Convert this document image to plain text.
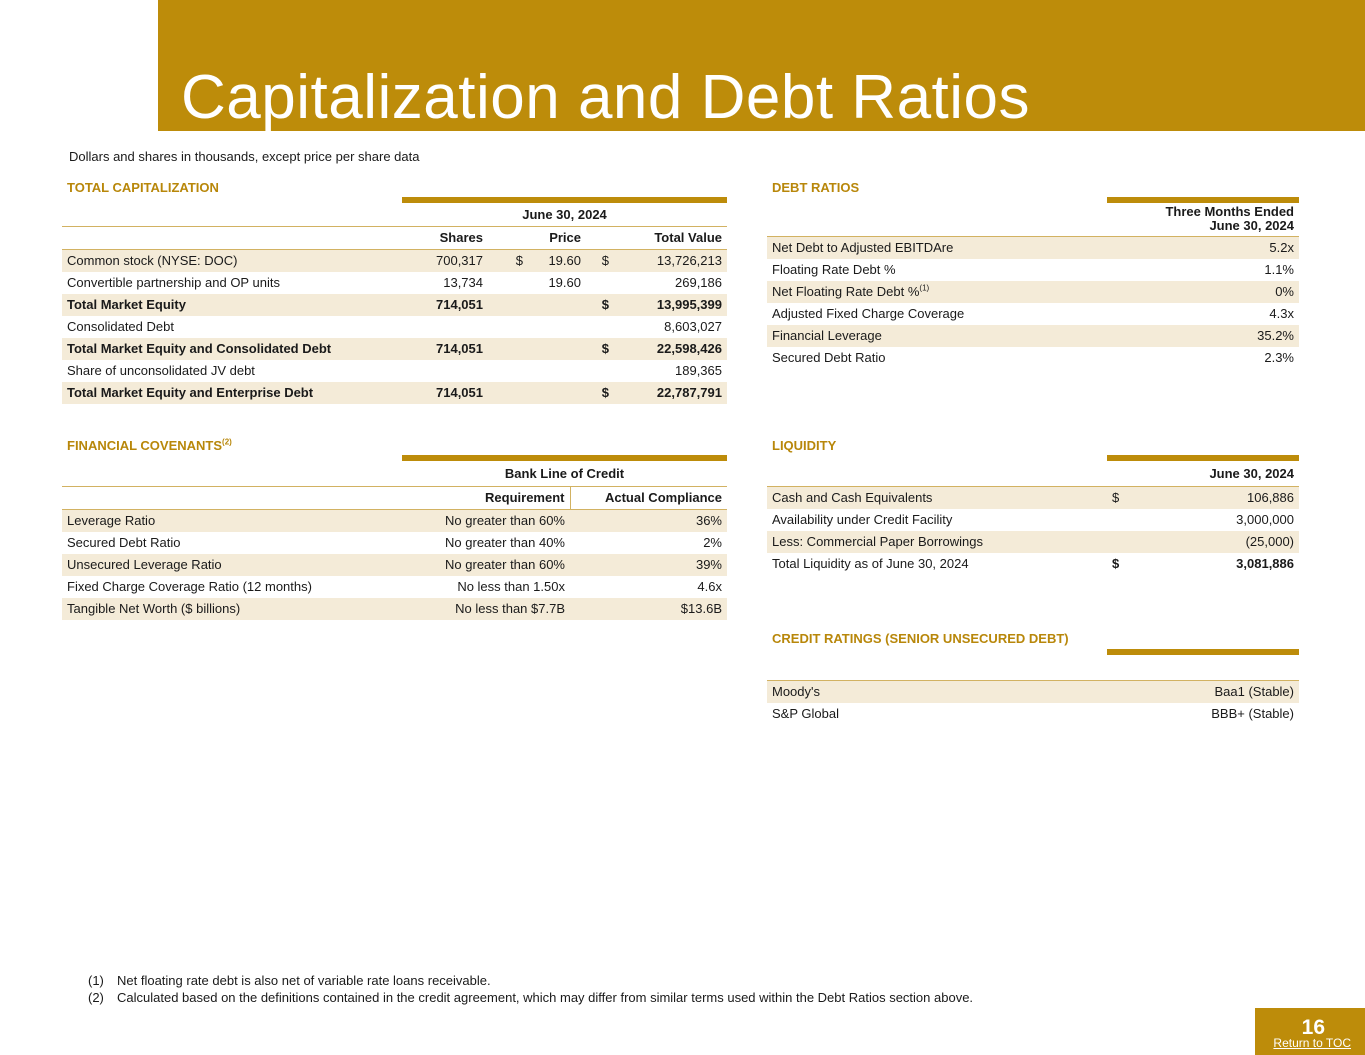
Capitalization and Debt Ratios
Dollars and shares in thousands, except price per share data
TOTAL CAPITALIZATION
	June 30, 2024				
	Shares	Price		Total Value	
Common stock (NYSE: DOC)	700,317	$	19.60	$	13,726,213
Convertible partnership and OP units	13,734		19.60		269,186
Total Market Equity	714,051			$	13,995,399
Consolidated Debt					8,603,027
Total Market Equity and Consolidated Debt	714,051			$	22,598,426
Share of unconsolidated JV debt					189,365
Total Market Equity and Enterprise Debt	714,051			$	22,787,791
DEBT RATIOS

	Three Months Ended
June 30, 2024

Net Debt to Adjusted EBITDAre	5.2x
Floating Rate Debt %	1.1%
Net Floating Rate Debt %$^{(1)}$	0%
Adjusted Fixed Charge Coverage	4.3x
Financial Leverage	35.2%
Secured Debt Ratio	2.3%
FINANCIAL COVENANTS$^{(2)}$
	Bank Line of Credit	
	Requirement	Actual Compliance
Leverage Ratio	No greater than 60%	36%
Secured Debt Ratio	No greater than 40%	2%
Unsecured Leverage Ratio	No greater than 60%	39%
Fixed Charge Coverage Ratio (12 months)	No less than 1.50x	4.6x
Tangible Net Worth ($ billions)	No less than $7.7B	$13.6B
LIQUIDITY
	June 30, 2024	
Cash and Cash Equivalents	$	106,886
Availability under Credit Facility		3,000,000
Less: Commercial Paper Borrowings		(25,000)
Total Liquidity as of June 30, 2024	$	3,081,886
CREDIT RATINGS (SENIOR UNSECURED DEBT)

Moody's	Baa1 (Stable)
S&P Global	BBB+ (Stable)
(1)	Net floating rate debt is also net of variable rate loans receivable.
(2)	Calculated based on the definitions contained in the credit agreement, which may differ from similar terms used within the Debt Ratios section above.
16
Return to TOC
